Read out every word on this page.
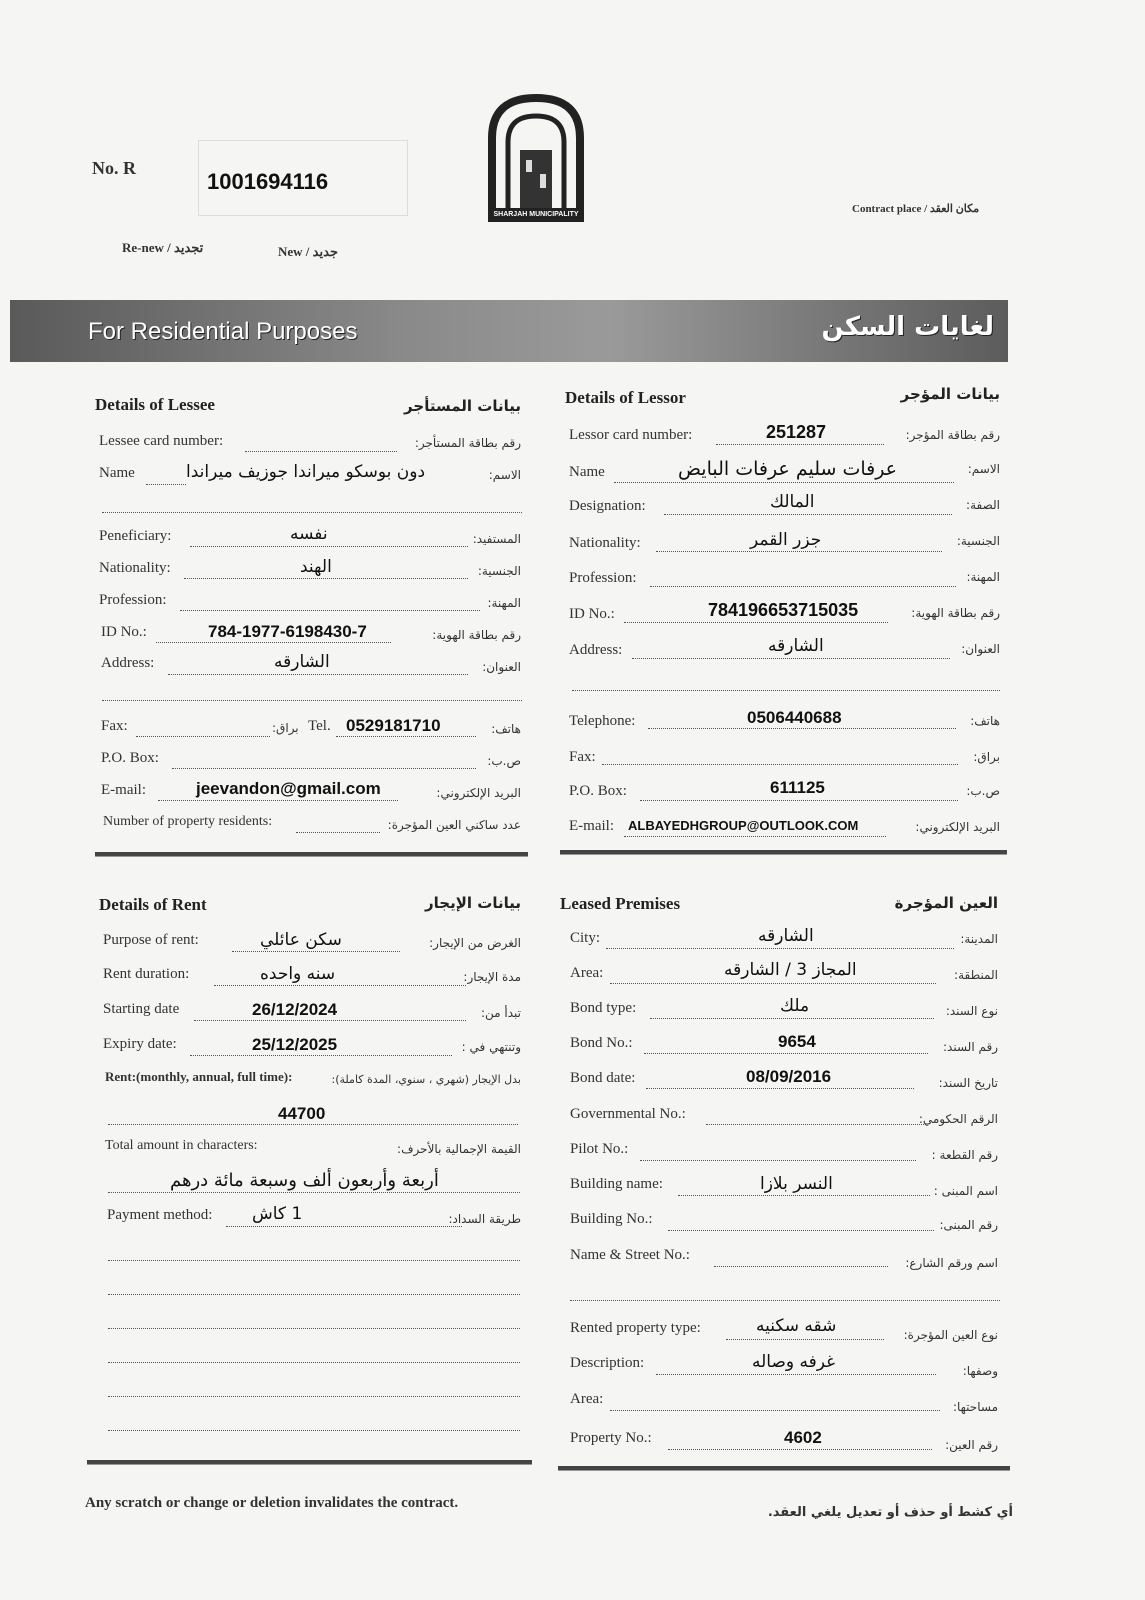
No. R
1001694116
Re-new / تجديد	New / جديد
SHARJAH MUNICIPALITY	Contract place / مكان العقد
For Residential Purposes	لغايات السكن
Details of Lessee	بيانات المستأجر
Lessee card number:	رقم بطاقة المستأجر:
Name	دون بوسكو ميراندا جوزيف ميراندا	الاسم:
Peneficiary:	نفسه	المستفيد:
Nationality:	الهند	الجنسية:
Profession:	المهنة:
ID No.:	784-1977-6198430-7	رقم بطاقة الهوية:
Address:	الشارقه	العنوان:
Fax:	براق: Tel. 0529181710	هاتف:
P.O. Box:	ص.ب:
E-mail:	jeevandon@gmail.com	البريد الإلكتروني:
Number of property residents:	عدد ساكني العين المؤجرة:
Details of Lessor	بيانات المؤجر
Lessor card number:	251287	رقم بطاقة المؤجر:
Name	عرفات سليم عرفات البايض	الاسم:
Designation:	المالك	الصفة:
Nationality:	جزر القمر	الجنسية:
Profession:	المهنة:
ID No.:	784196653715035	رقم بطاقة الهوية:
Address:	الشارقه	العنوان:
Telephone:	0506440688	هاتف:
Fax:	براق:
P.O. Box:	611125	ص.ب:
E-mail: ALBAYEDHGROUP@OUTLOOK.COM	البريد الإلكتروني:
Details of Rent	بيانات الإيجار
Purpose of rent:	سكن عائلي	الغرض من الإيجار:
Rent duration:	سنه واحده	مدة الإيجار:
Starting date	26/12/2024	تبدأ من:
Expiry date:	25/12/2025	وتنتهي في :
Rent:(monthly, annual, full time):	بدل الإيجار (شهري ، سنوي، المدة كاملة):
44700
Total amount in characters:	القيمة الإجمالية بالأحرف:
أربعة وأربعون ألف وسبعة مائة درهم
Payment method: 1 كاش	طريقة السداد:
Leased Premises	العين المؤجرة
City:	الشارقه	المدينة:
Area:	المجاز 3 / الشارقه	المنطقة:
Bond type:	ملك	نوع السند:
Bond No.:	9654	رقم السند:
Bond date:	08/09/2016	تاريخ السند:
Governmental No.:	الرقم الحكومي:
Pilot No.:	رقم القطعة :
Building name:	النسر بلازا	اسم المبنى :
Building No.:	رقم المبنى:
Name & Street No.:	اسم ورقم الشارع:
Rented property type:	شقه سكنيه	نوع العين المؤجرة:
Description:	غرفه وصاله	وصفها:
Area:	مساحتها:
Property No.:	4602	رقم العين:
Any scratch or change or deletion invalidates the contract.
أي كشط أو حذف أو تعديل يلغي العقد.
